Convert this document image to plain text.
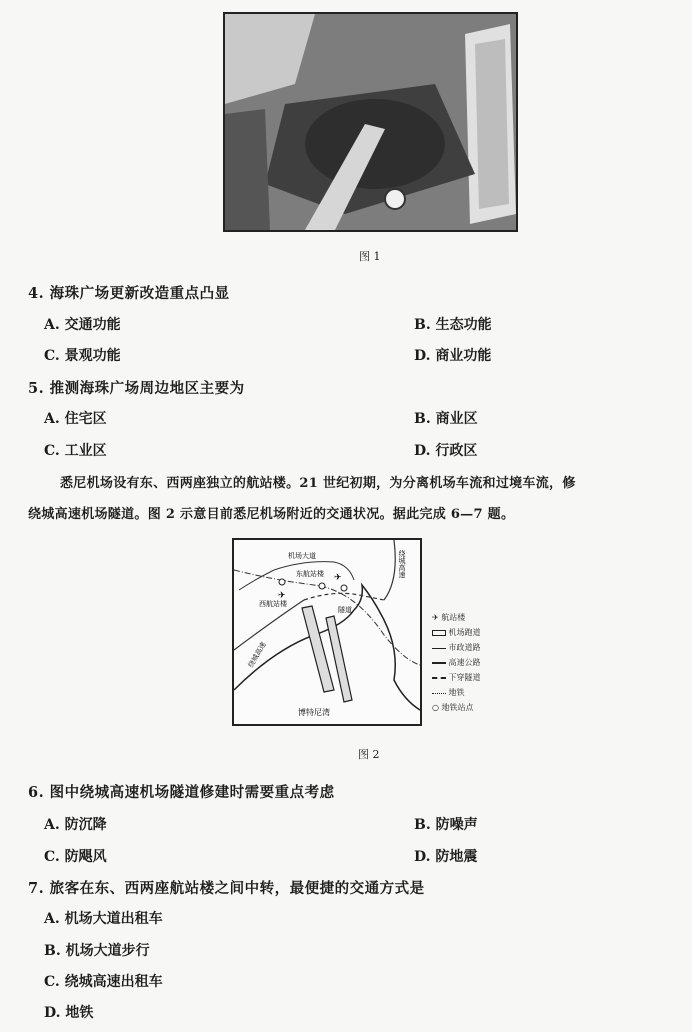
图 1
4. 海珠广场更新改造重点凸显
A. 交通功能	B. 生态功能
C. 景观功能	D. 商业功能
5. 推测海珠广场周边地区主要为
A. 住宅区	B. 商业区
C. 工业区	D. 行政区
悉尼机场设有东、西两座独立的航站楼。21 世纪初期，为分离机场车流和过境车流，修
绕城高速机场隧道。图 2 示意目前悉尼机场附近的交通状况。据此完成 6—7 题。
✈
✈
机场大道
东航站楼
西航站楼
隧道
绕城高速
绕城高速
博特尼湾
✈ 航站楼
机场跑道
市政道路
高速公路
下穿隧道
地铁
○ 地铁站点
图 2
6. 图中绕城高速机场隧道修建时需要重点考虑
A. 防沉降	B. 防噪声
C. 防飓风	D. 防地震
7. 旅客在东、西两座航站楼之间中转，最便捷的交通方式是
A. 机场大道出租车
B. 机场大道步行
C. 绕城高速出租车
D. 地铁
